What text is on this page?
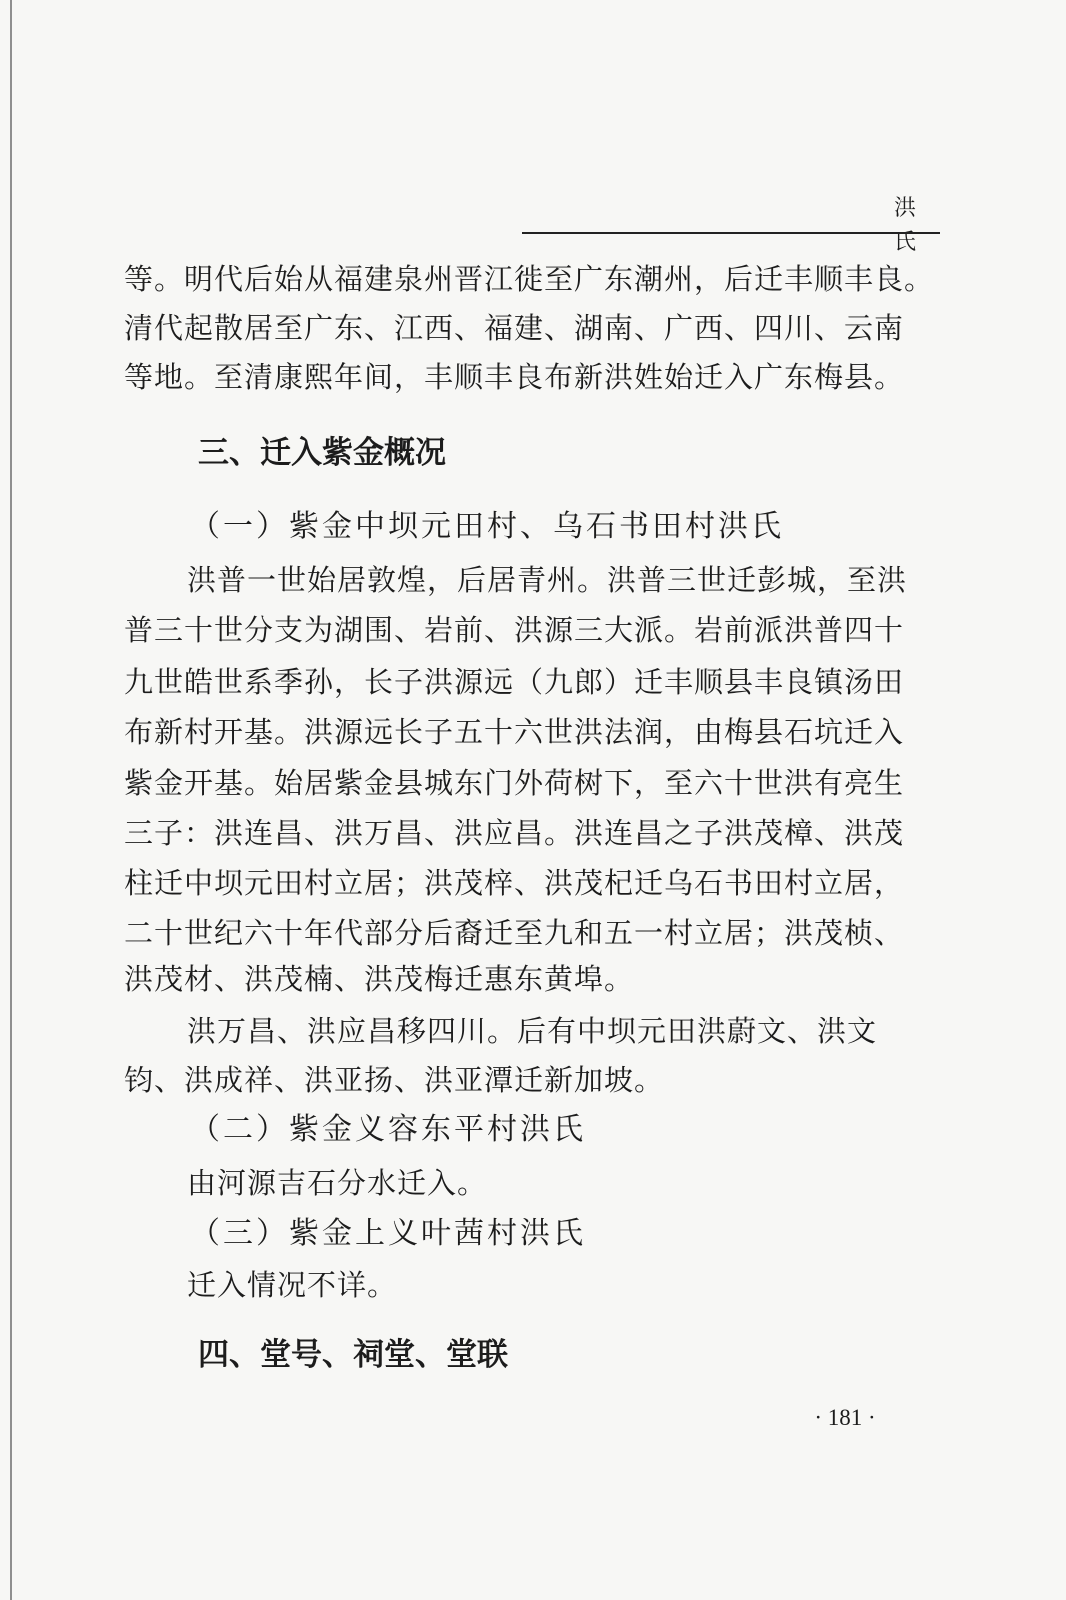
洪 氏
等。明代后始从福建泉州晋江徙至广东潮州，后迁丰顺丰良。
清代起散居至广东、江西、福建、湖南、广西、四川、云南
等地。至清康熙年间，丰顺丰良布新洪姓始迁入广东梅县。
三、迁入紫金概况
（一）紫金中坝元田村、乌石书田村洪氏
洪普一世始居敦煌，后居青州。洪普三世迁彭城，至洪
普三十世分支为湖围、岩前、洪源三大派。岩前派洪普四十
九世皓世系季孙，长子洪源远（九郎）迁丰顺县丰良镇汤田
布新村开基。洪源远长子五十六世洪法润，由梅县石坑迁入
紫金开基。始居紫金县城东门外荷树下，至六十世洪有亮生
三子：洪连昌、洪万昌、洪应昌。洪连昌之子洪茂樟、洪茂
柱迁中坝元田村立居；洪茂梓、洪茂杞迁乌石书田村立居，
二十世纪六十年代部分后裔迁至九和五一村立居；洪茂桢、
洪茂材、洪茂楠、洪茂梅迁惠东黄埠。
洪万昌、洪应昌移四川。后有中坝元田洪蔚文、洪文
钧、洪成祥、洪亚扬、洪亚潭迁新加坡。
（二）紫金义容东平村洪氏
由河源吉石分水迁入。
（三）紫金上义叶茜村洪氏
迁入情况不详。
四、堂号、祠堂、堂联
· 181 ·
